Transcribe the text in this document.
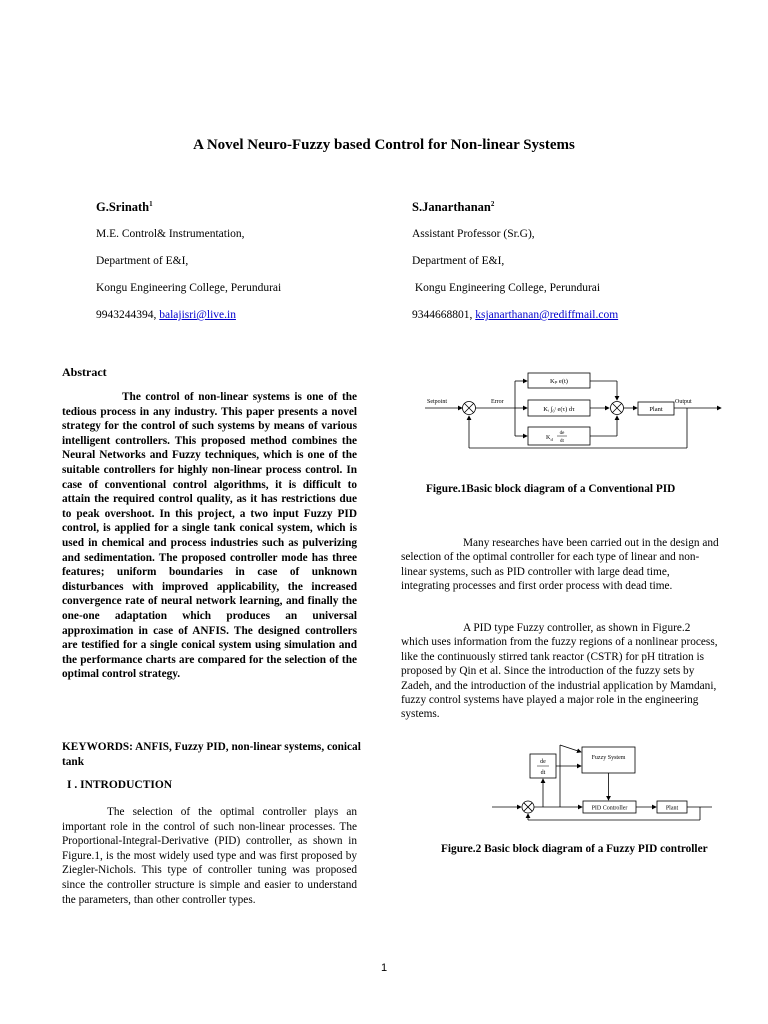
A Novel Neuro-Fuzzy based Control for Non-linear Systems
G.Srinath$^1$
M.E. Control& Instrumentation,
Department of E&I,
Kongu Engineering College, Perundurai
9943244394, balajisri@live.in
S.Janarthanan$^2$
Assistant Professor (Sr.G),
Department of E&I,
Kongu Engineering College, Perundurai
9344668801, ksjanarthanan@rediffmail.com
Abstract
The control of non-linear systems is one of the tedious process in any industry. This paper presents a novel strategy for the control of such systems by means of various intelligent controllers. This proposed method combines the Neural Networks and Fuzzy techniques, which is one of the suitable controllers for highly non-linear process control. In case of conventional control algorithms, it is difficult to attain the required control quality, as it has restrictions due to peak overshoot. In this project, a two input Fuzzy PID control, is applied for a single tank conical system, which is used in chemical and process industries such as pulverizing and sedimentation. The proposed controller mode has three features; uniform boundaries in case of unknown disturbances with improved applicability, the increased convergence rate of neural network learning, and finally the one-one adaptation which produces an universal approximation in case of ANFIS. The designed controllers are testified for a single conical system using simulation and the performance charts are compared for the selection of the optimal control strategy.
KEYWORDS: ANFIS, Fuzzy PID, non-linear systems, conical tank
I . INTRODUCTION
The selection of the optimal controller plays an important role in the control of such non-linear processes. The Proportional-Integral-Derivative (PID) controller, as shown in Figure.1, is the most widely used type and was first proposed by Ziegler-Nichols. This type of controller tuning was proposed since the controller structure is simple and easier to understand the parameters, than other controller types.
Setpoint	Error	Output
Kₚ e(t)
Kᵢ ∫₀ᵗ e(τ) dτ
K d
de
dt
Plant
Figure.1Basic block diagram of a Conventional PID
Many researches have been carried out in the design and selection of the optimal controller for each type of linear and non-linear systems, such as PID controller with large dead time, integrating processes and first order process with dead time.
A PID type Fuzzy controller, as shown in Figure.2 which uses information from the fuzzy regions of a nonlinear process, like the continuously stirred tank reactor (CSTR) for pH titration is proposed by Qin et al. Since the introduction of the fuzzy sets by Zadeh, and the introduction of the industrial application by Mamdani, fuzzy control systems have played a major role in the engineering systems.
de
dt
Fuzzy System
PID Controller	Plant
Figure.2 Basic block diagram of a Fuzzy PID controller
1
